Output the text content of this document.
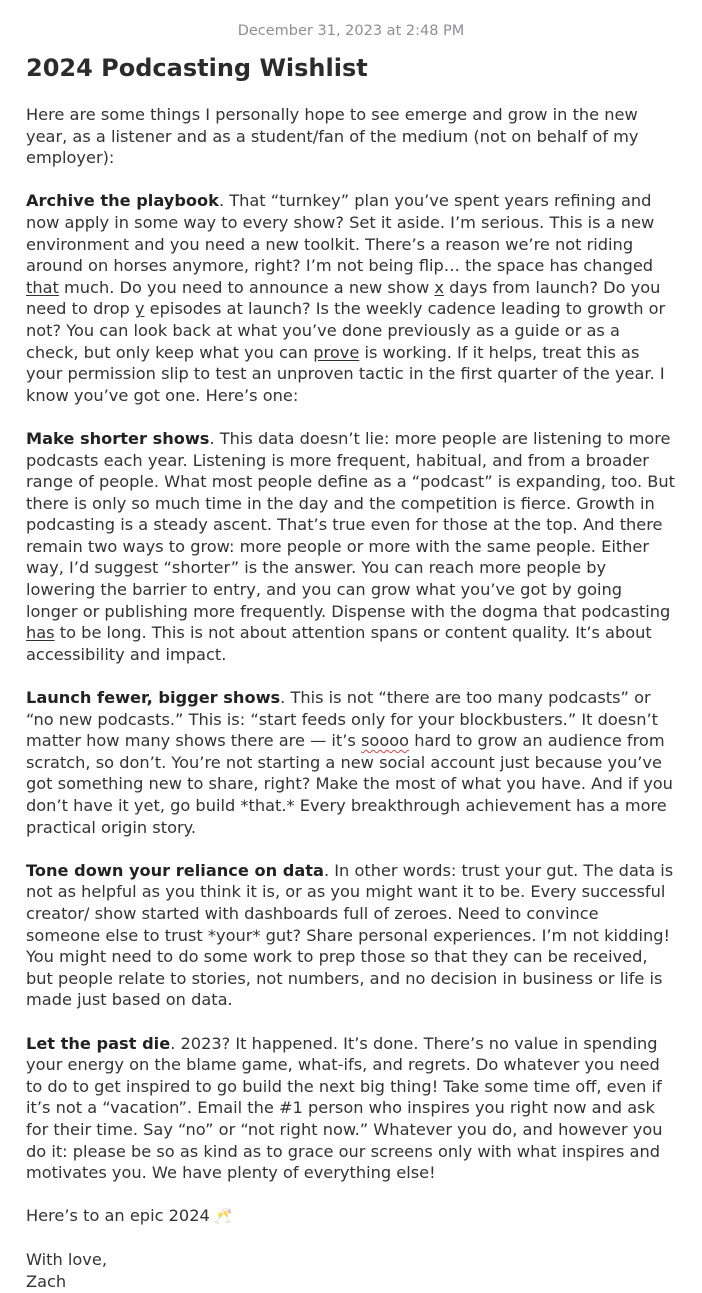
December 31, 2023 at 2:48 PM
2024 Podcasting Wishlist

Here are some things I personally hope to see emerge and grow in the new year, as a listener and as a student/fan of the medium (not on behalf of my employer):

Archive the playbook. That “turnkey” plan you’ve spent years refining and now apply in some way to every show? Set it aside. I’m serious. This is a new environment and you need a new toolkit. There’s a reason we’re not riding around on horses anymore, right? I’m not being flip… the space has changed that much. Do you need to announce a new show x days from launch? Do you need to drop y episodes at launch? Is the weekly cadence leading to growth or not? You can look back at what you’ve done previously as a guide or as a check, but only keep what you can prove is working. If it helps, treat this as your permission slip to test an unproven tactic in the first quarter of the year. I know you’ve got one. Here’s one:

Make shorter shows. This data doesn’t lie: more people are listening to more podcasts each year. Listening is more frequent, habitual, and from a broader range of people. What most people define as a “podcast” is expanding, too. But there is only so much time in the day and the competition is fierce. Growth in podcasting is a steady ascent. That’s true even for those at the top. And there remain two ways to grow: more people or more with the same people. Either way, I’d suggest “shorter” is the answer. You can reach more people by lowering the barrier to entry, and you can grow what you’ve got by going longer or publishing more frequently. Dispense with the dogma that podcasting has to be long. This is not about attention spans or content quality. It’s about accessibility and impact.

Launch fewer, bigger shows. This is not “there are too many podcasts” or “no new podcasts.” This is: “start feeds only for your blockbusters.” It doesn’t matter how many shows there are — it’s soooo hard to grow an audience from scratch, so don’t. You’re not starting a new social account just because you’ve got something new to share, right? Make the most of what you have. And if you don’t have it yet, go build *that.* Every breakthrough achievement has a more practical origin story.

Tone down your reliance on data. In other words: trust your gut. The data is not as helpful as you think it is, or as you might want it to be. Every successful creator/ show started with dashboards full of zeroes. Need to convince someone else to trust *your* gut? Share personal experiences. I’m not kidding! You might need to do some work to prep those so that they can be received, but people relate to stories, not numbers, and no decision in business or life is made just based on data.

Let the past die. 2023? It happened. It’s done. There’s no value in spending your energy on the blame game, what-ifs, and regrets. Do whatever you need to do to get inspired to go build the next big thing! Take some time off, even if it’s not a “vacation”. Email the #1 person who inspires you right now and ask for their time. Say “no” or “not right now.” Whatever you do, and however you do it: please be so as kind as to grace our screens only with what inspires and motivates you. We have plenty of everything else!

Here’s to an epic 2024 🥂

With love,
Zach
